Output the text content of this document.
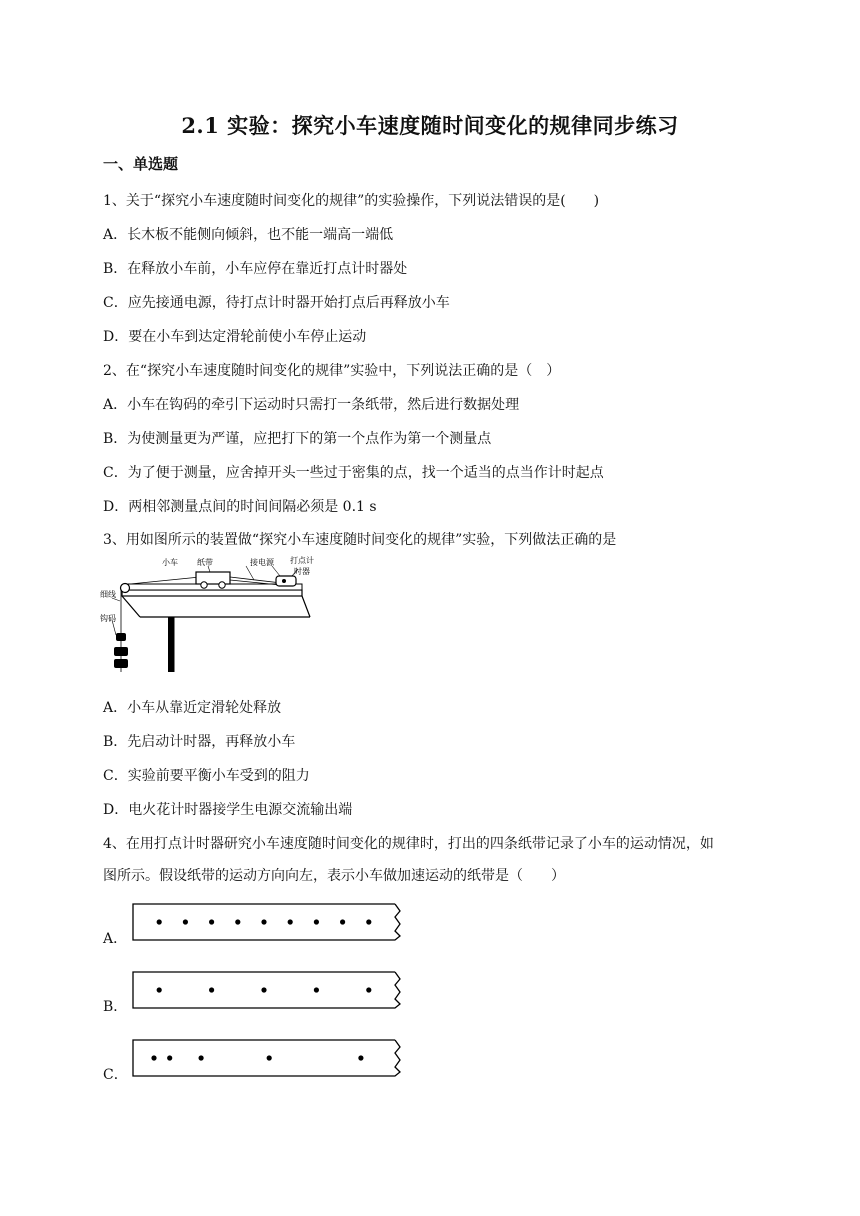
2.1 实验：探究小车速度随时间变化的规律同步练习
一、单选题
1、关于“探究小车速度随时间变化的规律”的实验操作，下列说法错误的是(　　)
A．长木板不能侧向倾斜，也不能一端高一端低
B．在释放小车前，小车应停在靠近打点计时器处
C．应先接通电源，待打点计时器开始打点后再释放小车
D．要在小车到达定滑轮前使小车停止运动
2、在“探究小车速度随时间变化的规律”实验中，下列说法正确的是（　）
A．小车在钩码的牵引下运动时只需打一条纸带，然后进行数据处理
B．为使测量更为严谨，应把打下的第一个点作为第一个测量点
C．为了便于测量，应舍掉开头一些过于密集的点，找一个适当的点当作计时起点
D．两相邻测量点间的时间间隔必须是 0.1 s
3、用如图所示的装置做“探究小车速度随时间变化的规律”实验，下列做法正确的是
小车 纸带	接电源 打点计
时器
细线
钩码
A．小车从靠近定滑轮处释放
B．先启动计时器，再释放小车
C．实验前要平衡小车受到的阻力
D．电火花计时器接学生电源交流输出端
4、在用打点计时器研究小车速度随时间变化的规律时，打出的四条纸带记录了小车的运动情况，如
图所示。假设纸带的运动方向向左，表示小车做加速运动的纸带是（　　）
A．
B．
C．
